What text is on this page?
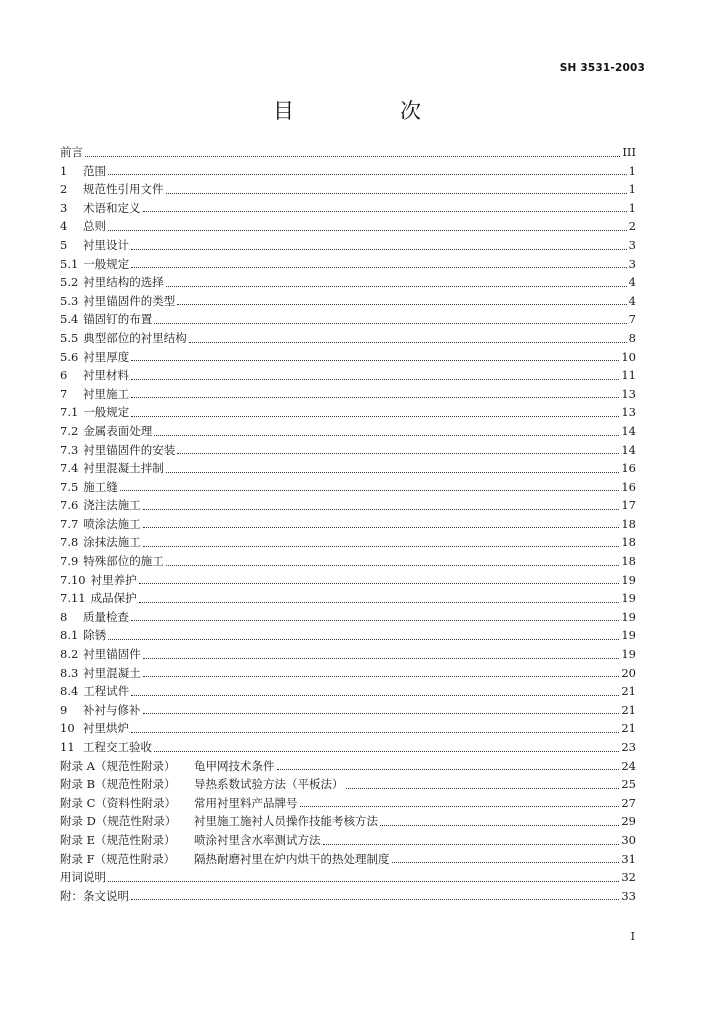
SH 3531-2003
目	次
前言	III
1	范围	1
2	规范性引用文件	1
3	术语和定义	1
4	总则	2
5	衬里设计	3
5.1 一般规定	3
5.2 衬里结构的选择	4
5.3 衬里锚固件的类型	4
5.4 锚固钉的布置	7
5.5 典型部位的衬里结构	8
5.6 衬里厚度	10
6	衬里材料	11
7	衬里施工	13
7.1 一般规定	13
7.2 金属表面处理	14
7.3 衬里锚固件的安装	14
7.4 衬里混凝土拌制	16
7.5 施工缝	16
7.6 浇注法施工	17
7.7 喷涂法施工	18
7.8 涂抹法施工	18
7.9 特殊部位的施工	18
7.10 衬里养护	19
7.11 成品保护	19
8	质量检查	19
8.1 除锈	19
8.2 衬里锚固件	19
8.3 衬里混凝土	20
8.4 工程试件	21
9	补衬与修补	21
10 衬里烘炉	21
11 工程交工验收	23
附录 A（规范性附录）	龟甲网技术条件	24
附录 B（规范性附录）	导热系数试验方法（平板法）	25
附录 C（资料性附录）	常用衬里料产品牌号	27
附录 D（规范性附录）	衬里施工施衬人员操作技能考核方法	29
附录 E（规范性附录）	喷涂衬里含水率测试方法	30
附录 F（规范性附录）	隔热耐磨衬里在炉内烘干的热处理制度	31
用词说明	32
附：条文说明	33
I
